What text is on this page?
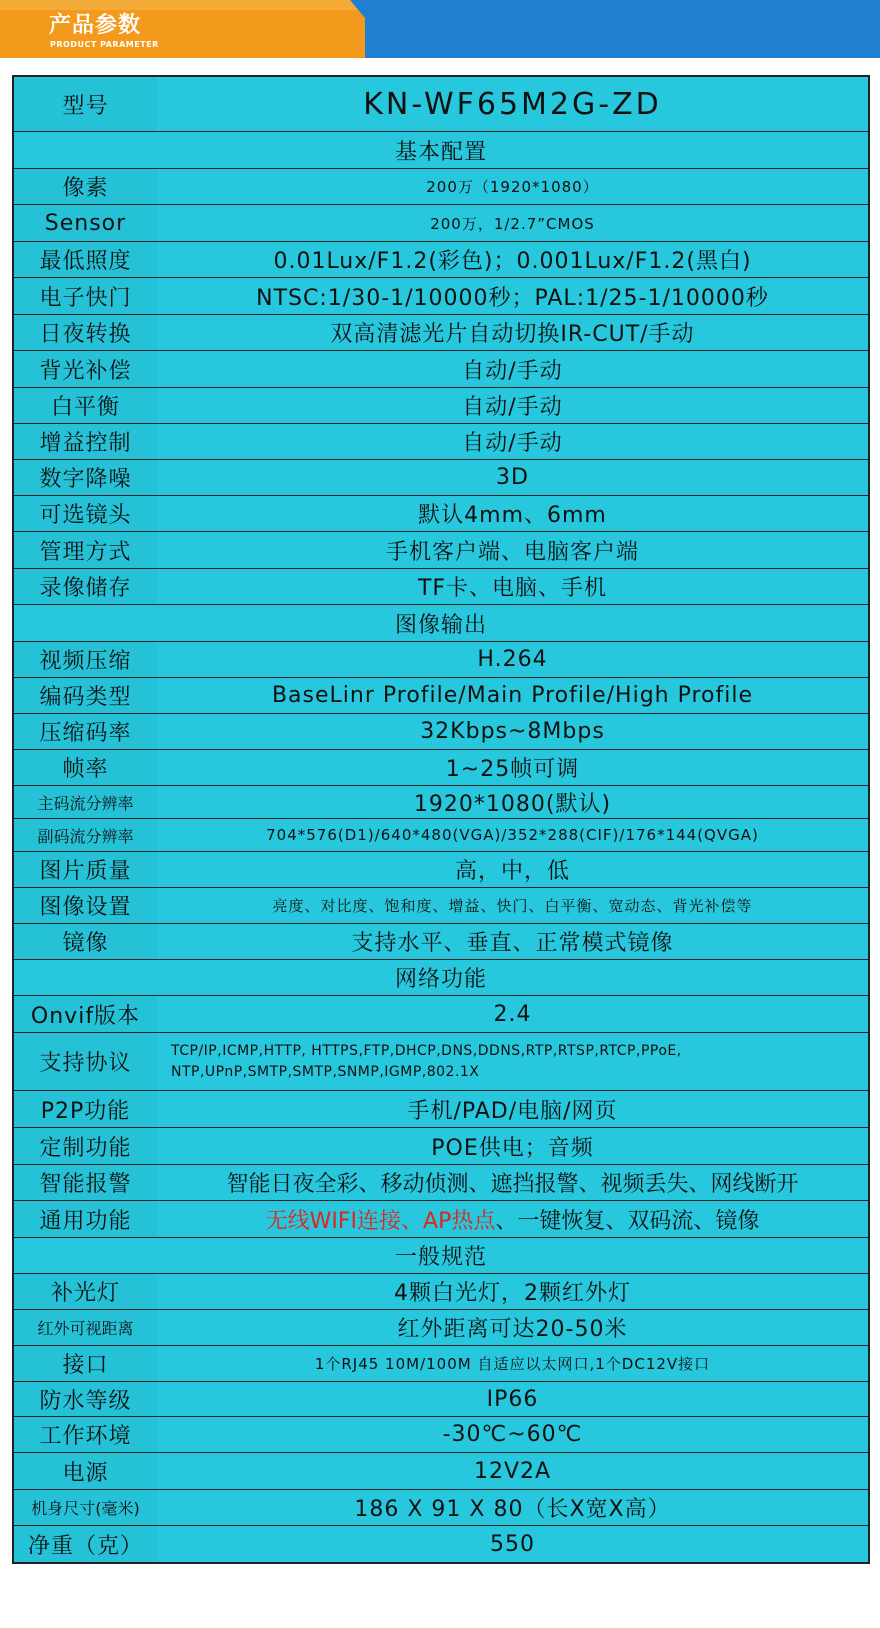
产品参数
PRODUCT PARAMETER
型号	KN-WF65M2G-ZD
基本配置
像素	200万（1920*1080）
Sensor	200万，1/2.7”CMOS
最低照度	0.01Lux/F1.2(彩色)；0.001Lux/F1.2(黑白)
电子快门	NTSC:1/30-1/10000秒；PAL:1/25-1/10000秒
日夜转换	双高清滤光片自动切换IR-CUT/手动
背光补偿	自动/手动
白平衡	自动/手动
增益控制	自动/手动
数字降噪	3D
可选镜头	默认4mm、6mm
管理方式	手机客户端、电脑客户端
录像储存	TF卡、电脑、手机
图像输出
视频压缩	H.264
编码类型	BaseLinr Profile/Main Profile/High Profile
压缩码率	32Kbps~8Mbps
帧率	1~25帧可调
主码流分辨率	1920*1080(默认)
副码流分辨率	704*576(D1)/640*480(VGA)/352*288(CIF)/176*144(QVGA)
图片质量	高，中，低
图像设置	亮度、对比度、饱和度、增益、快门、白平衡、宽动态、背光补偿等
镜像	支持水平、垂直、正常模式镜像
网络功能
Onvif版本	2.4
支持协议
TCP/IP,ICMP,HTTP, HTTPS,FTP,DHCP,DNS,DDNS,RTP,RTSP,RTCP,PPoE,
NTP,UPnP,SMTP,SMTP,SNMP,IGMP,802.1X
P2P功能	手机/PAD/电脑/网页
定制功能	POE供电；音频
智能报警	智能日夜全彩、移动侦测、遮挡报警、视频丢失、网线断开
通用功能	无线WIFI连接 、 AP热点 、一键恢复、双码流、镜像
一般规范
补光灯	4颗白光灯，2颗红外灯
红外可视距离	红外距离可达20-50米
接口	1个RJ45 10M/100M 自适应以太网口,1个DC12V接口
防水等级	IP66
工作环境	-30℃~60℃
电源	12V2A
机身尺寸(毫米)	186 X 91 X 80（长X宽X高）
净重（克）	550
